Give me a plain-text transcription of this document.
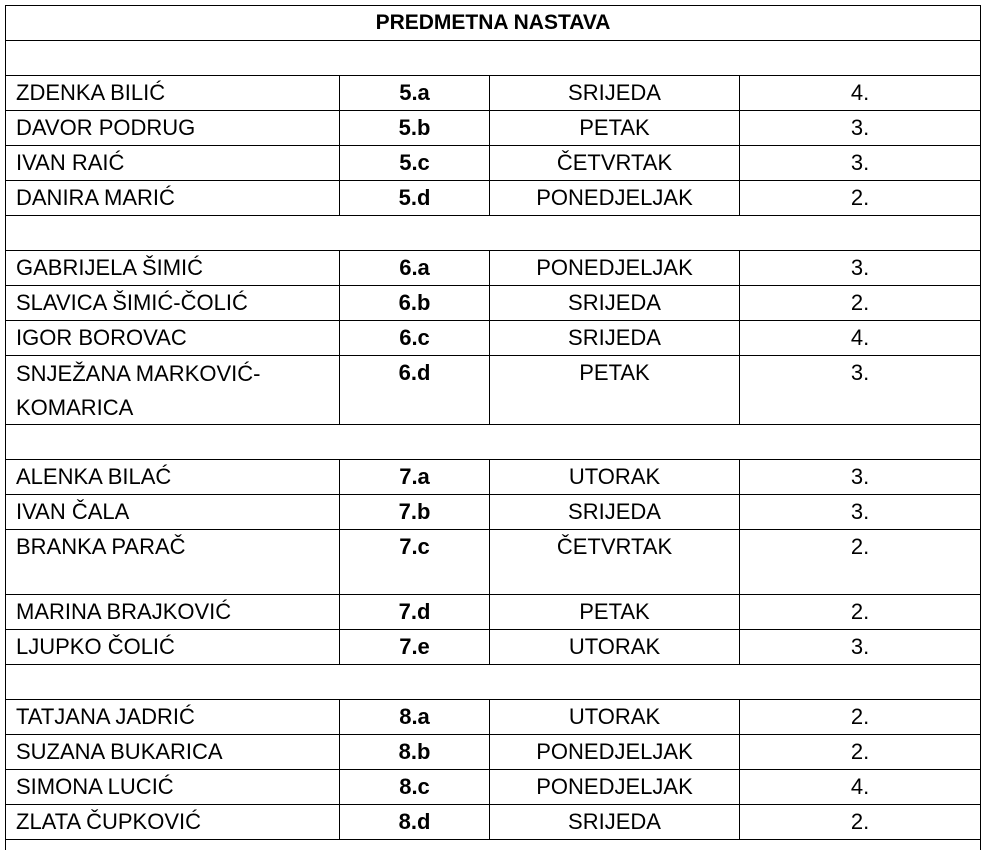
PREDMETNA NASTAVA			

ZDENKA BILIĆ	5.a	SRIJEDA	4.
DAVOR PODRUG	5.b	PETAK	3.
IVAN RAIĆ	5.c	ČETVRTAK	3.
DANIRA MARIĆ	5.d	PONEDJELJAK	2.

GABRIJELA ŠIMIĆ	6.a	PONEDJELJAK	3.
SLAVICA ŠIMIĆ-ČOLIĆ	6.b	SRIJEDA	2.
IGOR BOROVAC	6.c	SRIJEDA	4.

SNJEŽANA MARKOVIĆ-
KOMARICA	6.d	PETAK	3.

ALENKA BILAĆ	7.a	UTORAK	3.
IVAN ČALA	7.b	SRIJEDA	3.
BRANKA PARAČ	7.c	ČETVRTAK	2.
MARINA BRAJKOVIĆ	7.d	PETAK	2.
LJUPKO ČOLIĆ	7.e	UTORAK	3.

TATJANA JADRIĆ	8.a	UTORAK	2.
SUZANA BUKARICA	8.b	PONEDJELJAK	2.
SIMONA LUCIĆ	8.c	PONEDJELJAK	4.
ZLATA ČUPKOVIĆ	8.d	SRIJEDA	2.
